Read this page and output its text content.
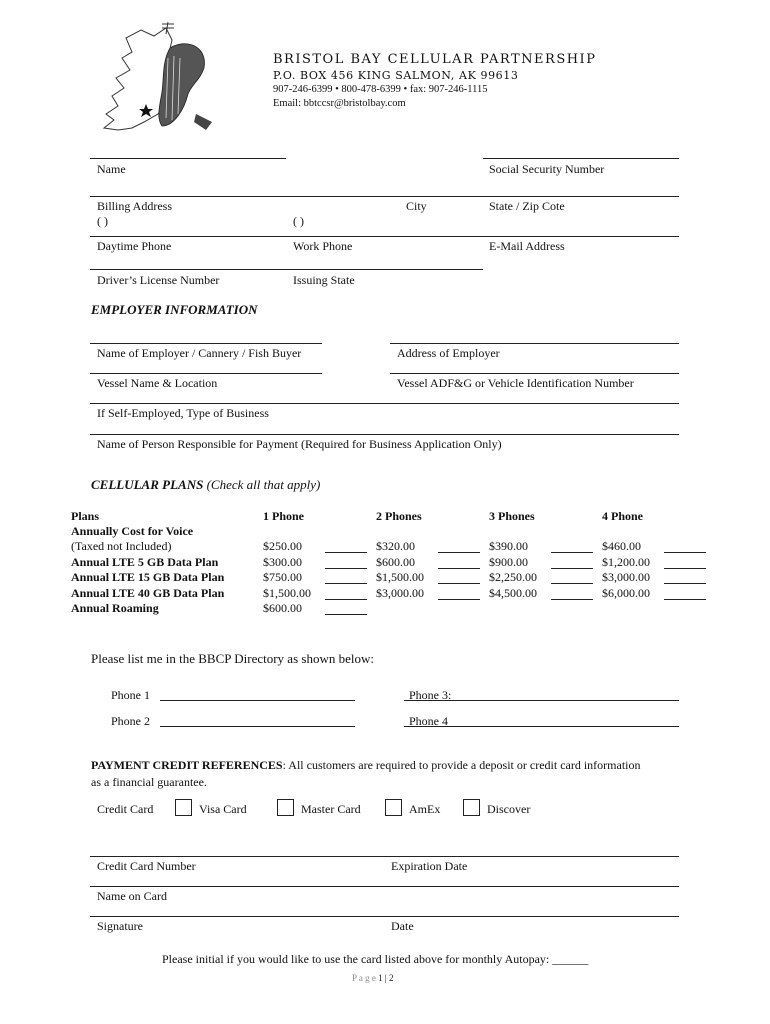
BRISTOL BAY CELLULAR PARTNERSHIP
P.O. BOX 456 KING SALMON, AK 99613
907-246-6399 • 800-478-6399 • fax: 907-246-1115
Email: bbtccsr@bristolbay.com
Name	Social Security Number
Billing Address	City	State / Zip Cote
( )	( )
Daytime Phone	Work Phone	E-Mail Address
Driver’s License Number	Issuing State
EMPLOYER INFORMATION
Name of Employer / Cannery / Fish Buyer	Address of Employer
Vessel Name & Location	Vessel ADF&G or Vehicle Identification Number
If Self-Employed, Type of Business
Name of Person Responsible for Payment (Required for Business Application Only)
CELLULAR PLANS (Check all that apply)
Plans	1 Phone	2 Phones	3 Phones	4 Phone
Annually Cost for Voice
(Taxed not Included)	$250.00	$320.00	$390.00	$460.00
Annual LTE 5 GB Data Plan	$300.00	$600.00	$900.00	$1,200.00
Annual LTE 15 GB Data Plan	$750.00	$1,500.00	$2,250.00	$3,000.00
Annual LTE 40 GB Data Plan	$1,500.00	$3,000.00	$4,500.00	$6,000.00
Annual Roaming	$600.00
Please list me in the BBCP Directory as shown below:
Phone 1	Phone 3:
Phone 2	Phone 4
PAYMENT CREDIT REFERENCES: All customers are required to provide a deposit or credit card information
as a financial guarantee.
Credit Card	Visa Card	Master Card	AmEx	Discover
Credit Card Number	Expiration Date
Name on Card
Signature	Date
Please initial if you would like to use the card listed above for monthly Autopay: ______
P a g e 1 | 2
